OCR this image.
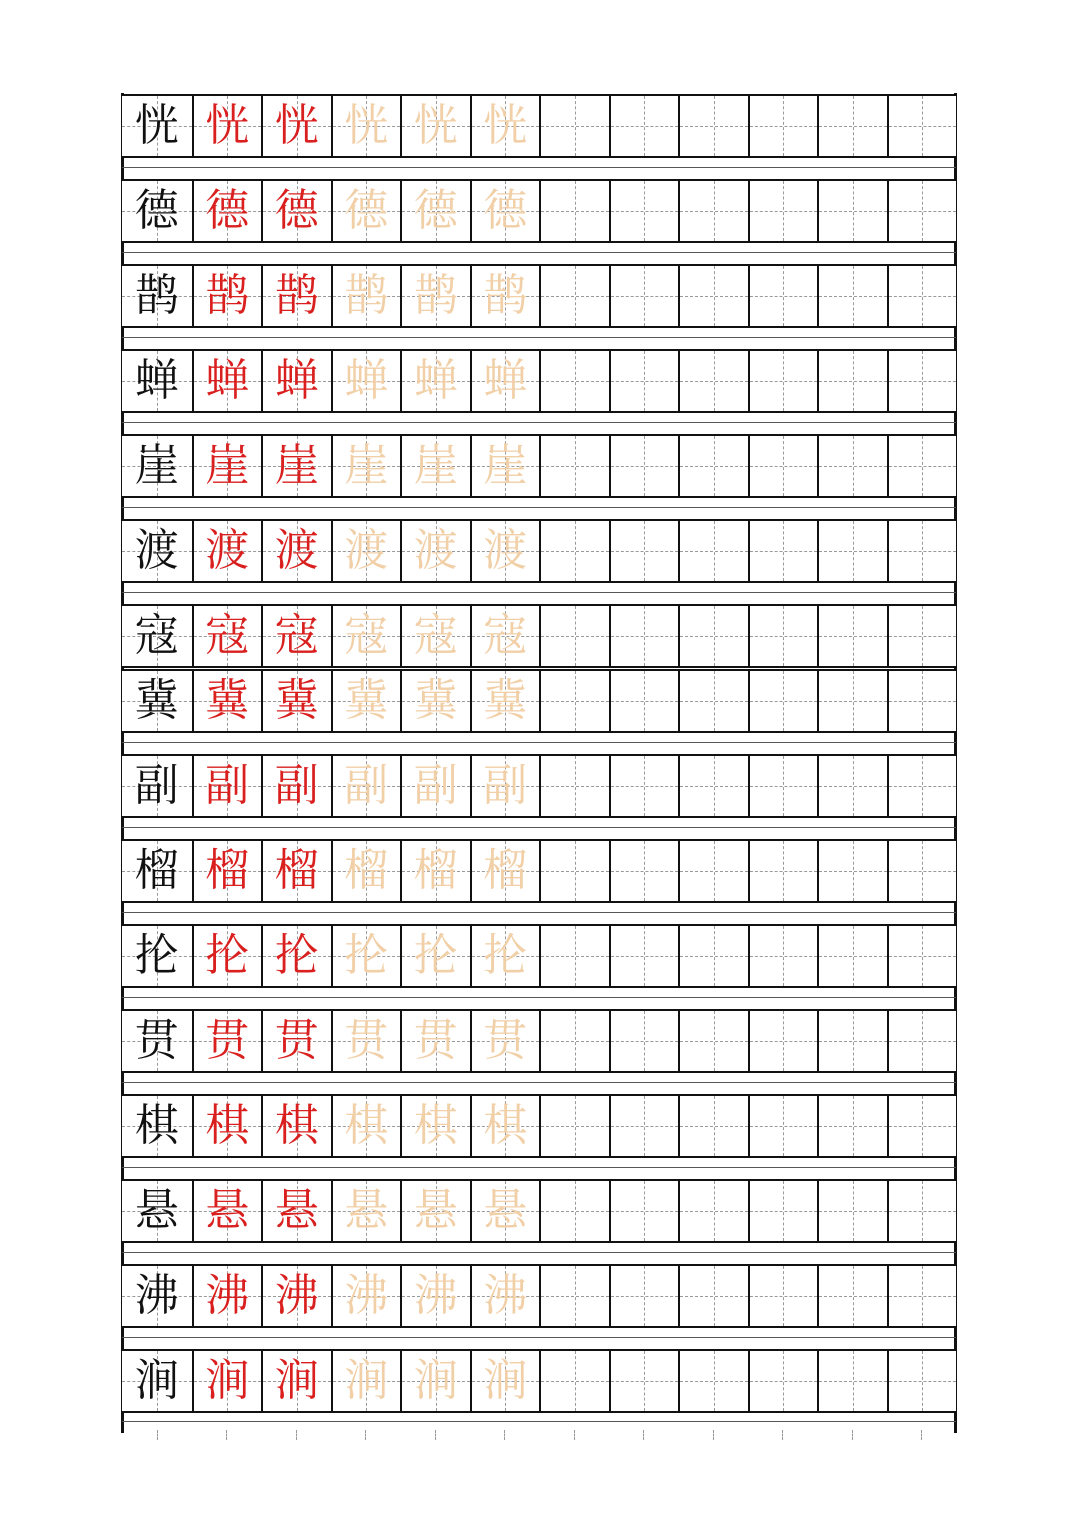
恍 恍 恍 恍 恍 恍
德 德 德 德 德 德
鹊 鹊 鹊 鹊 鹊 鹊
蝉 蝉 蝉 蝉 蝉 蝉
崖 崖 崖 崖 崖 崖
渡 渡 渡 渡 渡 渡
寇 寇 寇 寇 寇 寇
冀 冀 冀 冀 冀 冀
副 副 副 副 副 副
榴 榴 榴 榴 榴 榴
抡 抡 抡 抡 抡 抡
贯 贯 贯 贯 贯 贯
棋 棋 棋 棋 棋 棋
悬 悬 悬 悬 悬 悬
沸 沸 沸 沸 沸 沸
涧 涧 涧 涧 涧 涧
